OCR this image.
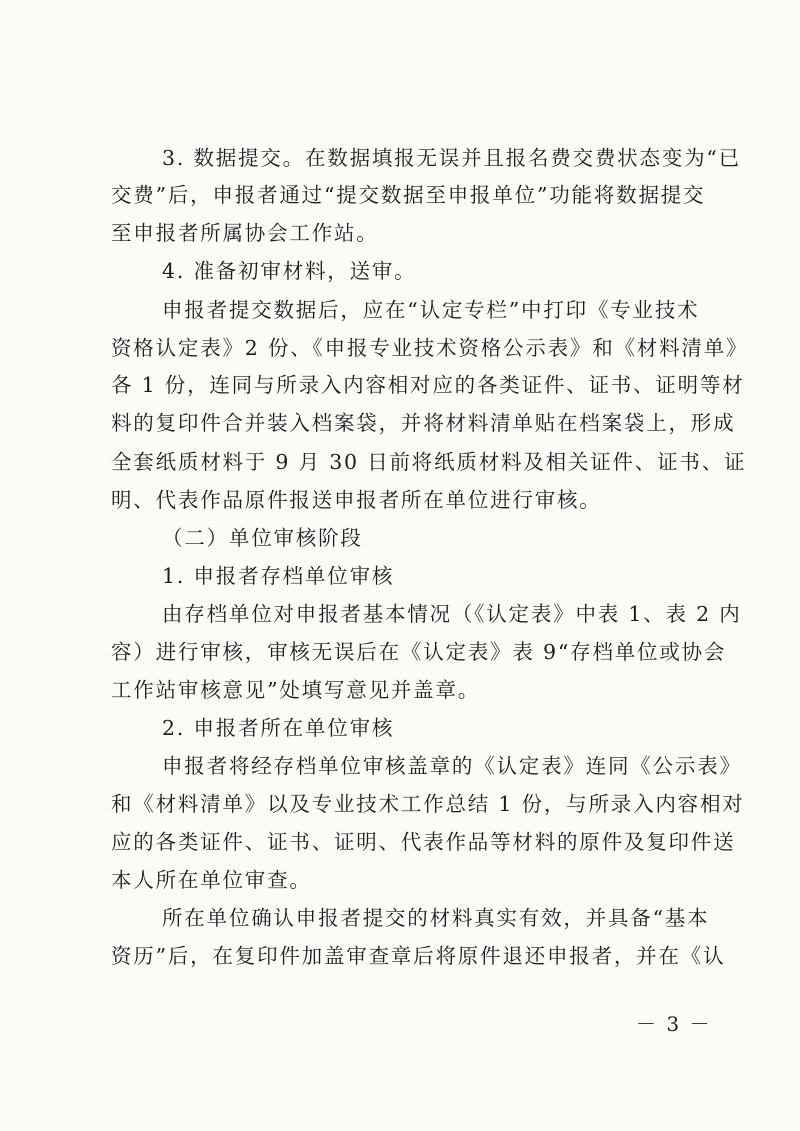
3. 数据提交。在数据填报无误并且报名费交费状态变为“已
交费”后，申报者通过“提交数据至申报单位”功能将数据提交
至申报者所属协会工作站。
4. 准备初审材料，送审。
申报者提交数据后，应在“认定专栏”中打印《专业技术
资格认定表》2 份、《申报专业技术资格公示表》和《材料清单》
各 1 份，连同与所录入内容相对应的各类证件、证书、证明等材
料的复印件合并装入档案袋，并将材料清单贴在档案袋上，形成
全套纸质材料于 9 月 30 日前将纸质材料及相关证件、证书、证
明、代表作品原件报送申报者所在单位进行审核。
（二）单位审核阶段
1. 申报者存档单位审核
由存档单位对申报者基本情况（《认定表》中表 1、表 2 内
容）进行审核，审核无误后在《认定表》表 9“存档单位或协会
工作站审核意见”处填写意见并盖章。
2. 申报者所在单位审核
申报者将经存档单位审核盖章的《认定表》连同《公示表》
和《材料清单》以及专业技术工作总结 1 份，与所录入内容相对
应的各类证件、证书、证明、代表作品等材料的原件及复印件送
本人所在单位审查。
所在单位确认申报者提交的材料真实有效，并具备“基本
资历”后，在复印件加盖审查章后将原件退还申报者，并在《认
－ 3 －
